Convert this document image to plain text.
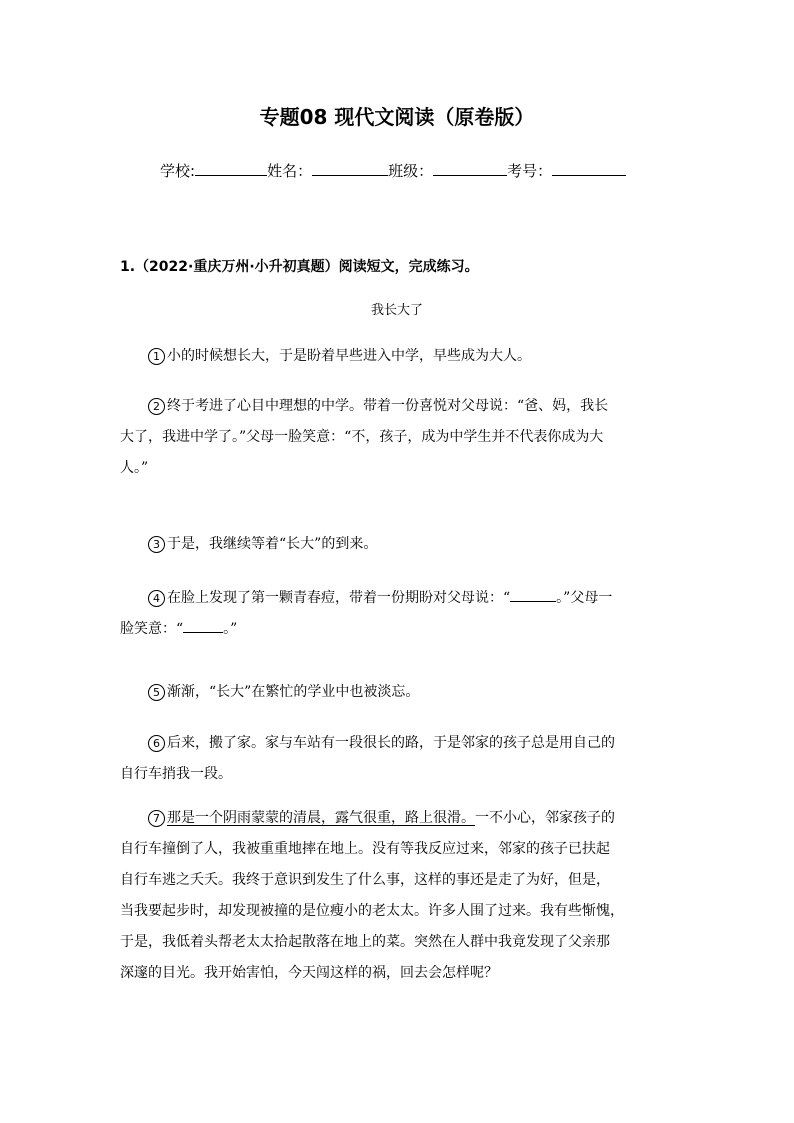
专题08 现代文阅读（原卷版）
学校:	姓名：	班级：	考号：
1.（2022·重庆万州·小升初真题）阅读短文，完成练习。
我长大了
1 小的时候想长大，于是盼着早些进入中学，早些成为大人。
2 终于考进了心目中理想的中学。带着一份喜悦对父母说：“爸、妈，我长
大了，我进中学了。”父母一脸笑意：“不，孩子，成为中学生并不代表你成为大
人。”
3 于是，我继续等着“长大”的到来。
4 在脸上发现了第一颗青春痘，带着一份期盼对父母说：“	。”父母一
脸笑意：“	。”
5 渐渐，“长大”在繁忙的学业中也被淡忘。
6 后来，搬了家。家与车站有一段很长的路，于是邻家的孩子总是用自己的
自行车捎我一段。
7 那是一个阴雨蒙蒙的清晨，露气很重，路上很滑。一不小心，邻家孩子的
自行车撞倒了人，我被重重地摔在地上。没有等我反应过来，邻家的孩子已扶起
自行车逃之夭夭。我终于意识到发生了什么事，这样的事还是走了为好，但是，
当我要起步时，却发现被撞的是位瘦小的老太太。许多人围了过来。我有些惭愧，
于是，我低着头帮老太太拾起散落在地上的菜。突然在人群中我竟发现了父亲那
深邃的目光。我开始害怕，今天闯这样的祸，回去会怎样呢？
